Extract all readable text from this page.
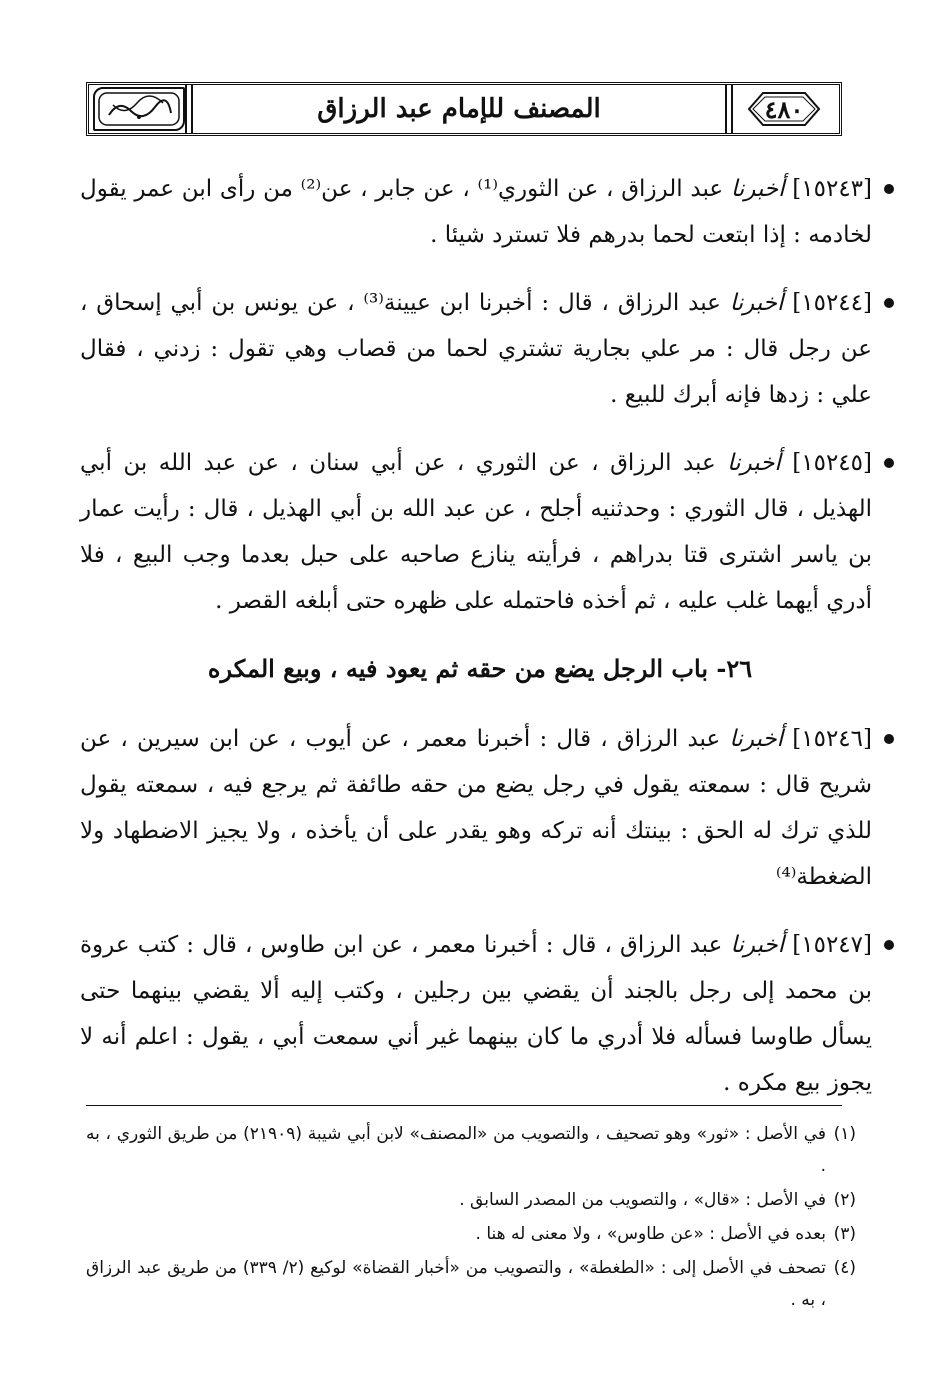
المصنف للإمام عبد الرزاق	٤٨٠

[١٥٢٤٣] أخبرنا عبد الرزاق ، عن الثوري⁽¹⁾ ، عن جابر ، عن⁽²⁾ من رأى ابن عمر يقول لخادمه : إذا ابتعت لحما بدرهم فلا تسترد شيئا .

[١٥٢٤٤] أخبرنا عبد الرزاق ، قال : أخبرنا ابن عيينة⁽³⁾ ، عن يونس بن أبي إسحاق ، عن رجل قال : مر علي بجارية تشتري لحما من قصاب وهي تقول : زدني ، فقال علي : زدها فإنه أبرك للبيع .

[١٥٢٤٥] أخبرنا عبد الرزاق ، عن الثوري ، عن أبي سنان ، عن عبد الله بن أبي الهذيل ، قال الثوري : وحدثنيه أجلح ، عن عبد الله بن أبي الهذيل ، قال : رأيت عمار بن ياسر اشترى قتا بدراهم ، فرأيته ينازع صاحبه على حبل بعدما وجب البيع ، فلا أدري أيهما غلب عليه ، ثم أخذه فاحتمله على ظهره حتى أبلغه القصر .

٢٦- باب الرجل يضع من حقه ثم يعود فيه ، وبيع المكره

[١٥٢٤٦] أخبرنا عبد الرزاق ، قال : أخبرنا معمر ، عن أيوب ، عن ابن سيرين ، عن شريح قال : سمعته يقول في رجل يضع من حقه طائفة ثم يرجع فيه ، سمعته يقول للذي ترك له الحق : بينتك أنه تركه وهو يقدر على أن يأخذه ، ولا يجيز الاضطهاد ولا الضغطة⁽⁴⁾

[١٥٢٤٧] أخبرنا عبد الرزاق ، قال : أخبرنا معمر ، عن ابن طاوس ، قال : كتب عروة بن محمد إلى رجل بالجند أن يقضي بين رجلين ، وكتب إليه ألا يقضي بينهما حتى يسأل طاوسا فسأله فلا أدري ما كان بينهما غير أني سمعت أبي ، يقول : اعلم أنه لا يجوز بيع مكره .

(١)في الأصل : «ثور» وهو تصحيف ، والتصويب من «المصنف» لابن أبي شيبة (٢١٩٠٩) من طريق الثوري ، به .

(٢)في الأصل : «قال» ، والتصويب من المصدر السابق .

(٣)بعده في الأصل : «عن طاوس» ، ولا معنى له هنا .

(٤)تصحف في الأصل إلى : «الطغطة» ، والتصويب من «أخبار القضاة» لوكيع (٢/ ٣٣٩) من طريق عبد الرزاق ، به .
